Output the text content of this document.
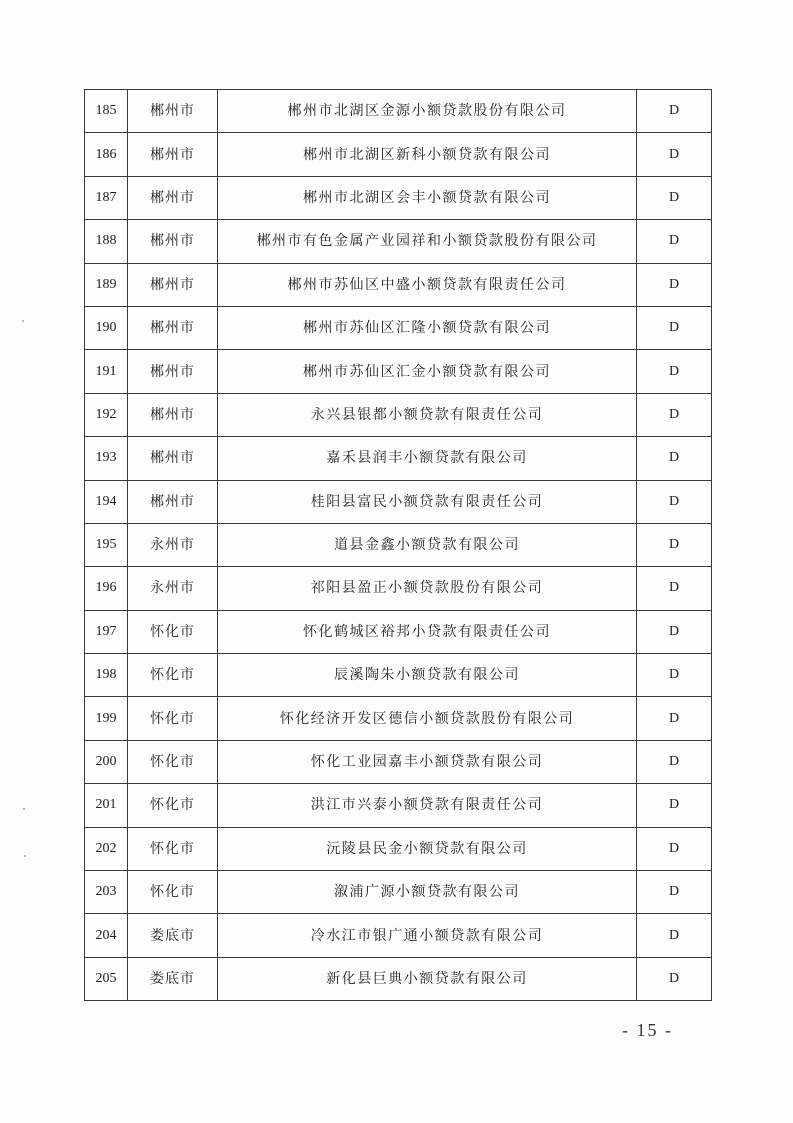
185	郴州市	郴州市北湖区金源小额贷款股份有限公司	D
186	郴州市	郴州市北湖区新科小额贷款有限公司	D
187	郴州市	郴州市北湖区会丰小额贷款有限公司	D
188	郴州市	郴州市有色金属产业园祥和小额贷款股份有限公司	D
189	郴州市	郴州市苏仙区中盛小额贷款有限责任公司	D
190	郴州市	郴州市苏仙区汇隆小额贷款有限公司	D
191	郴州市	郴州市苏仙区汇金小额贷款有限公司	D
192	郴州市	永兴县银都小额贷款有限责任公司	D
193	郴州市	嘉禾县润丰小额贷款有限公司	D
194	郴州市	桂阳县富民小额贷款有限责任公司	D
195	永州市	道县金鑫小额贷款有限公司	D
196	永州市	祁阳县盈正小额贷款股份有限公司	D
197	怀化市	怀化鹤城区裕邦小贷款有限责任公司	D
198	怀化市	辰溪陶朱小额贷款有限公司	D
199	怀化市	怀化经济开发区德信小额贷款股份有限公司	D
200	怀化市	怀化工业园嘉丰小额贷款有限公司	D
201	怀化市	洪江市兴泰小额贷款有限责任公司	D
202	怀化市	沅陵县民金小额贷款有限公司	D
203	怀化市	溆浦广源小额贷款有限公司	D
204	娄底市	冷水江市银广通小额贷款有限公司	D
205	娄底市	新化县巨典小额贷款有限公司	D
- 15 -
